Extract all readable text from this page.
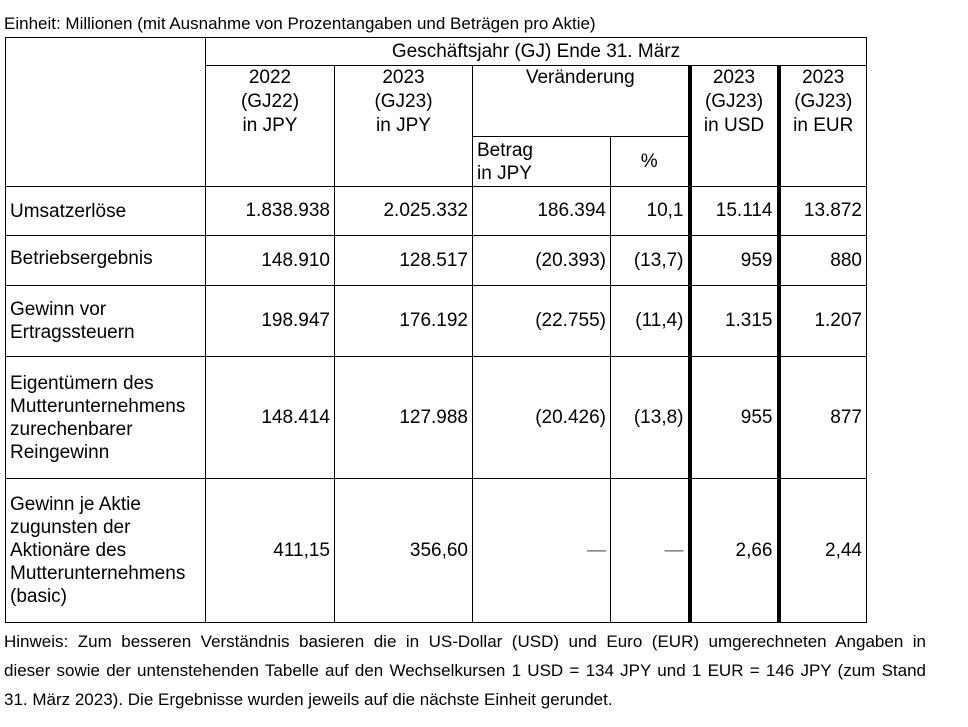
Einheit: Millionen (mit Ausnahme von Prozentangaben und Beträgen pro Aktie)
	Geschäftsjahr (GJ) Ende 31. März					
	2022
(GJ22)
in JPY	2023
(GJ23)
in JPY	Veränderung		2023
(GJ23)
in USD	2023
(GJ23)
in EUR
			Betrag
in JPY	%		
Umsatzerlöse	1.838.938	2.025.332	186.394	10,1	15.114	13.872
Betriebsergebnis	148.910	128.517	(20.393)	(13,7)	959	880
Gewinn vor
Ertragssteuern	198.947	176.192	(22.755)	(11,4)	1.315	1.207
Eigentümern des
Mutterunternehmens
zurechenbarer
Reingewinn	148.414	127.988	(20.426)	(13,8)	955	877
Gewinn je Aktie
zugunsten der
Aktionäre des
Mutterunternehmens
(basic)	411,15	356,60	―	―	2,66	2,44
Hinweis: Zum besseren Verständnis basieren die in US-Dollar (USD) und Euro (EUR) umgerechneten Angaben in
dieser sowie der untenstehenden Tabelle auf den Wechselkursen 1 USD = 134 JPY und 1 EUR = 146 JPY (zum Stand
31. März 2023). Die Ergebnisse wurden jeweils auf die nächste Einheit gerundet.
